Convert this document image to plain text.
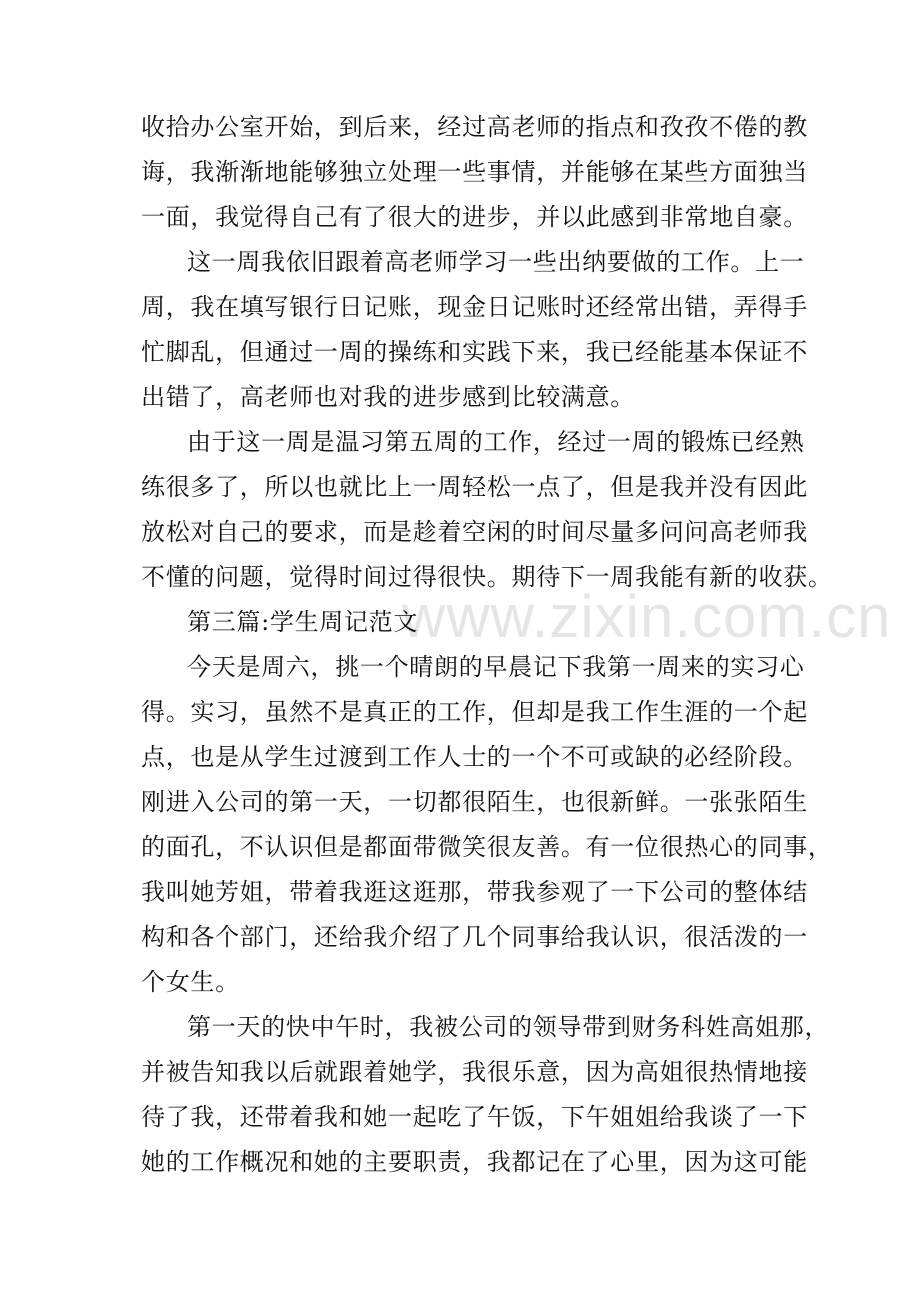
www.zixin.com.cn
收拾办公室开始，到后来，经过高老师的指点和孜孜不倦的教
诲，我渐渐地能够独立处理一些事情，并能够在某些方面独当
一面，我觉得自己有了很大的进步，并以此感到非常地自豪。
这一周我依旧跟着高老师学习一些出纳要做的工作。上一
周，我在填写银行日记账，现金日记账时还经常出错，弄得手
忙脚乱，但通过一周的操练和实践下来，我已经能基本保证不
出错了，高老师也对我的进步感到比较满意。
由于这一周是温习第五周的工作，经过一周的锻炼已经熟
练很多了，所以也就比上一周轻松一点了，但是我并没有因此
放松对自己的要求，而是趁着空闲的时间尽量多问问高老师我
不懂的问题，觉得时间过得很快。期待下一周我能有新的收获。
第三篇:学生周记范文
今天是周六，挑一个晴朗的早晨记下我第一周来的实习心
得。实习，虽然不是真正的工作，但却是我工作生涯的一个起
点，也是从学生过渡到工作人士的一个不可或缺的必经阶段。
刚进入公司的第一天，一切都很陌生，也很新鲜。一张张陌生
的面孔，不认识但是都面带微笑很友善。有一位很热心的同事，
我叫她芳姐，带着我逛这逛那，带我参观了一下公司的整体结
构和各个部门，还给我介绍了几个同事给我认识，很活泼的一
个女生。
第一天的快中午时，我被公司的领导带到财务科姓高姐那，
并被告知我以后就跟着她学，我很乐意，因为高姐很热情地接
待了我，还带着我和她一起吃了午饭，下午姐姐给我谈了一下
她的工作概况和她的主要职责，我都记在了心里，因为这可能
